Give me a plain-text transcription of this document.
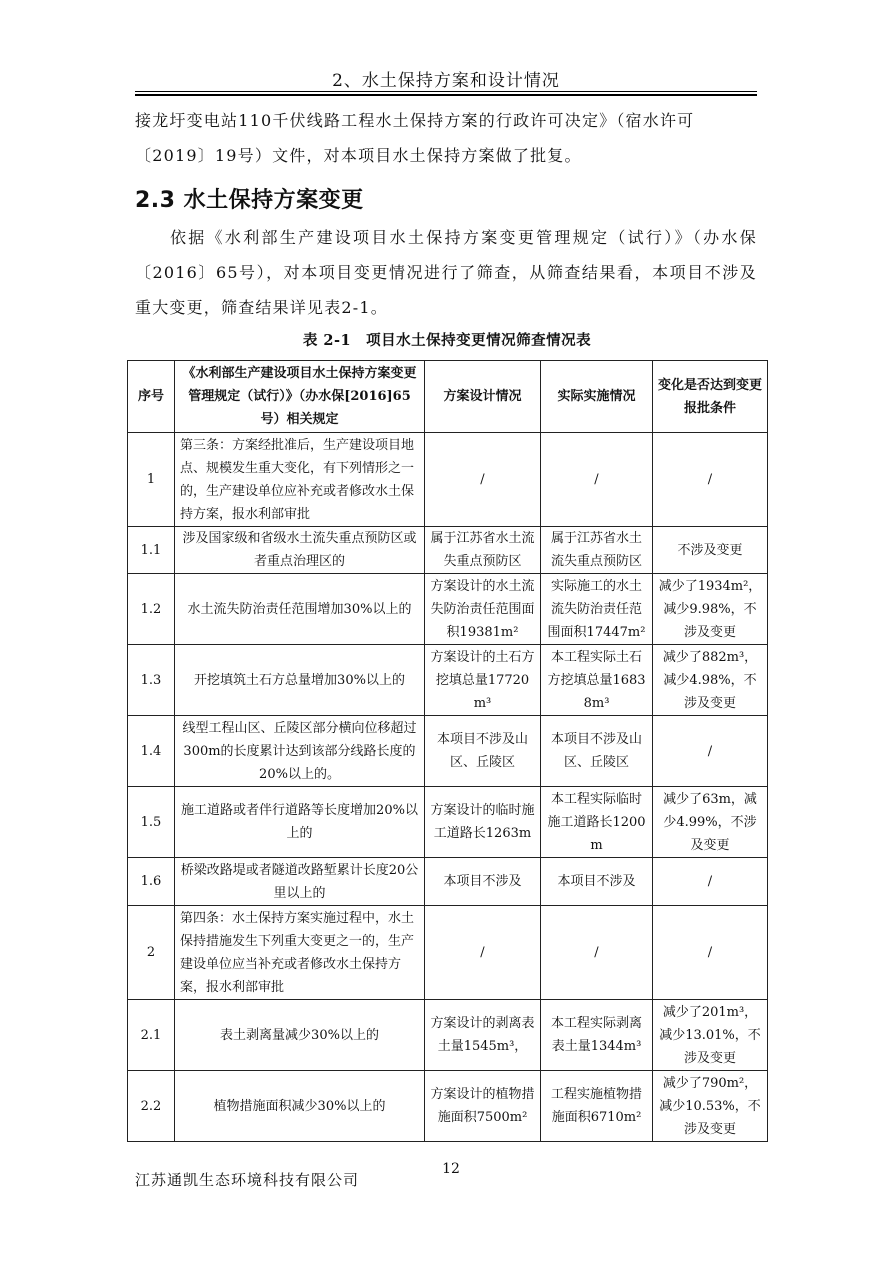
2、水土保持方案和设计情况

接龙圩变电站110千伏线路工程水土保持方案的行政许可决定》（宿水许可

〔2019〕19号）文件，对本项目水土保持方案做了批复。

2.3 水土保持方案变更

依据《水利部生产建设项目水土保持方案变更管理规定（试行）》（办水保〔2016〕65号），对本项目变更情况进行了筛查，从筛查结果看，本项目不涉及重大变更，筛查结果详见表2-1。

表 2-1　项目水土保持变更情况筛查情况表
序号	《水利部生产建设项目水土保持方案变更管理规定（试行）》（办水保[2016]65号）相关规定	方案设计情况	实际实施情况	变化是否达到变更报批条件
1	第三条：方案经批准后，生产建设项目地点、规模发生重大变化，有下列情形之一的，生产建设单位应补充或者修改水土保持方案，报水利部审批	/	/	/
1.1	涉及国家级和省级水土流失重点预防区或者重点治理区的	属于江苏省水土流失重点预防区	属于江苏省水土流失重点预防区	不涉及变更
1.2	水土流失防治责任范围增加30%以上的	方案设计的水土流失防治责任范围面积19381m²	实际施工的水土流失防治责任范围面积17447m²	减少了1934m²，减少9.98%，不涉及变更
1.3	开挖填筑土石方总量增加30%以上的	方案设计的土石方挖填总量17720m³	本工程实际土石方挖填总量16838m³	减少了882m³，减少4.98%，不涉及变更
1.4	线型工程山区、丘陵区部分横向位移超过300m的长度累计达到该部分线路长度的20%以上的。	本项目不涉及山区、丘陵区	本项目不涉及山区、丘陵区	/
1.5	施工道路或者伴行道路等长度增加20%以上的	方案设计的临时施工道路长1263m	本工程实际临时施工道路长1200m	减少了63m，减少4.99%，不涉及变更
1.6	桥梁改路堤或者隧道改路堑累计长度20公里以上的	本项目不涉及	本项目不涉及	/
2	第四条：水土保持方案实施过程中，水土保持措施发生下列重大变更之一的，生产建设单位应当补充或者修改水土保持方案，报水利部审批	/	/	/
2.1	表土剥离量减少30%以上的	方案设计的剥离表土量1545m³，	本工程实际剥离表土量1344m³	减少了201m³，减少13.01%，不涉及变更
2.2	植物措施面积减少30%以上的	方案设计的植物措施面积7500m²	工程实施植物措施面积6710m²	减少了790m²，减少10.53%，不涉及变更
12
江苏通凯生态环境科技有限公司
